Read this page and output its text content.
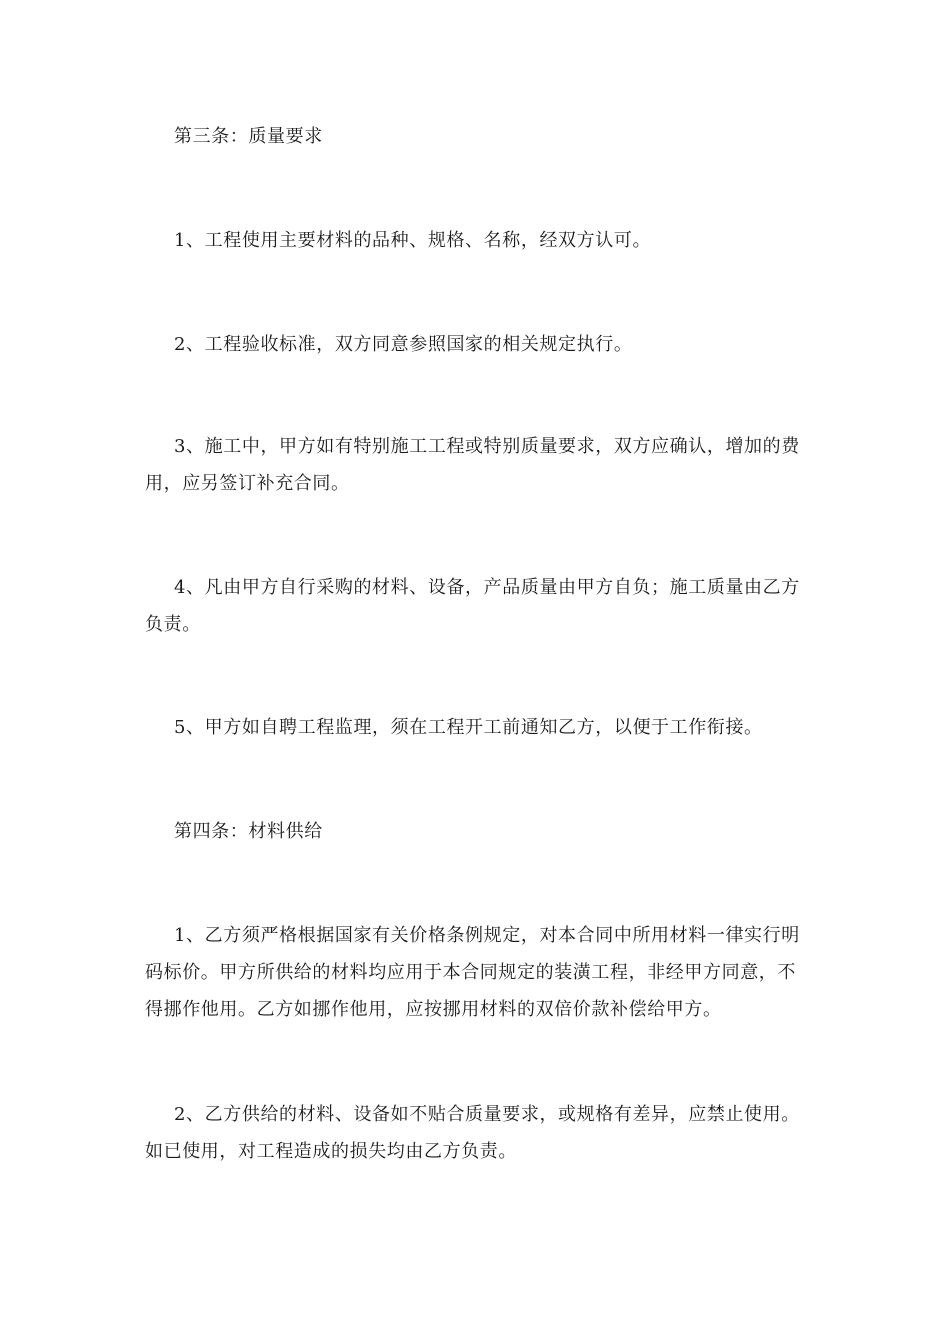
第三条：质量要求

1、工程使用主要材料的品种、规格、名称，经双方认可。

2、工程验收标准，双方同意参照国家的相关规定执行。

3、施工中，甲方如有特别施工工程或特别质量要求，双方应确认，增加的费用，应另签订补充合同。

4、凡由甲方自行采购的材料、设备，产品质量由甲方自负；施工质量由乙方负责。

5、甲方如自聘工程监理，须在工程开工前通知乙方，以便于工作衔接。

第四条：材料供给

1、乙方须严格根据国家有关价格条例规定，对本合同中所用材料一律实行明码标价。甲方所供给的材料均应用于本合同规定的装潢工程，非经甲方同意，不得挪作他用。乙方如挪作他用，应按挪用材料的双倍价款补偿给甲方。

2、乙方供给的材料、设备如不贴合质量要求，或规格有差异，应禁止使用。如已使用，对工程造成的损失均由乙方负责。
